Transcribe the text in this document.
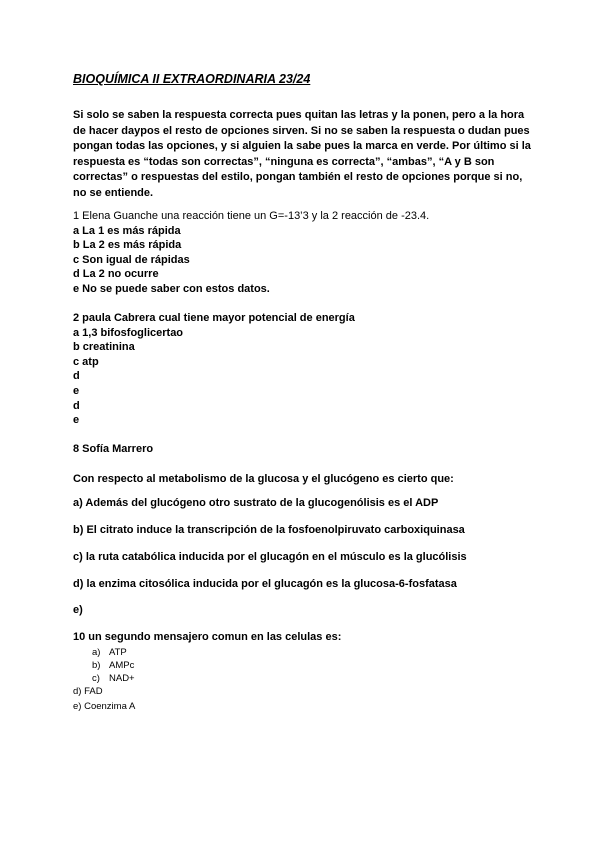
BIOQUÍMICA II EXTRAORDINARIA 23/24
Si solo se saben la respuesta correcta pues quitan las letras y la ponen, pero a la hora de hacer daypos el resto de opciones sirven. Si no se saben la respuesta o dudan pues pongan todas las opciones, y si alguien la sabe pues la marca en verde. Por último si la respuesta es “todas son correctas”, “ninguna es correcta”, “ambas”, “A y B son correctas” o respuestas del estilo, pongan también el resto de opciones porque si no, no se entiende.
1 Elena Guanche una reacción tiene un G=-13’3 y la 2 reacción de -23.4.
a La 1 es más rápida
b La 2 es más rápida
c Son igual de rápidas
d La 2 no ocurre
e No se puede saber con estos datos.
2 paula Cabrera cual tiene mayor potencial de energía
a 1,3 bifosfoglicertao
b creatinina
c atp
d
e
d
e
8 Sofía Marrero
Con respecto al metabolismo de la glucosa y el glucógeno es cierto que:
a) Además del glucógeno otro sustrato de la glucogenólisis es el ADP
b) El citrato induce la transcripción de la fosfoenolpiruvato carboxiquinasa
c) la ruta catabólica inducida por el glucagón en el músculo es la glucólisis
d) la enzima citosólica inducida por el glucagón es la glucosa-6-fosfatasa
e)
10 un segundo mensajero comun en las celulas es:
a) ATP
b) AMPc
c) NAD+
d) FAD
e) Coenzima A
